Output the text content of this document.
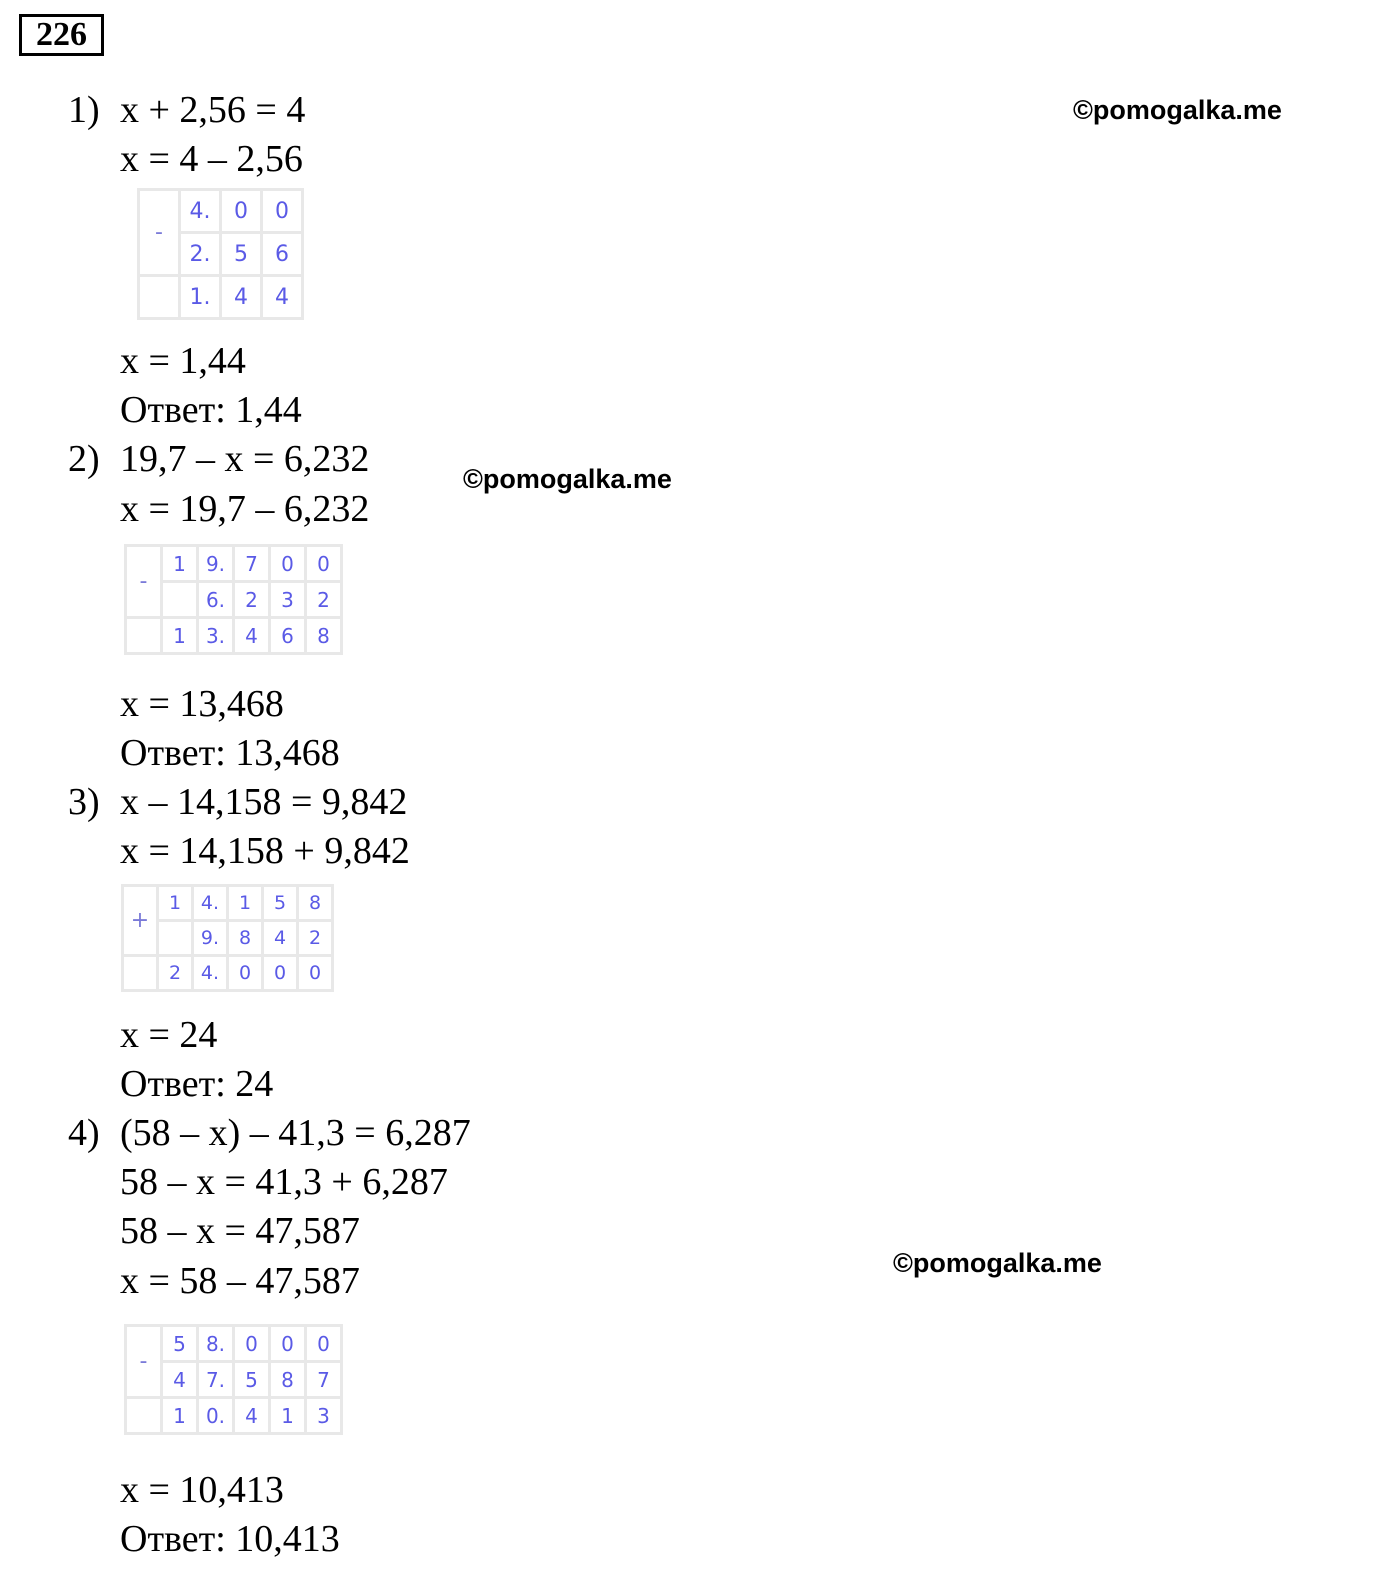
226
©pomogalka.me
©pomogalka.me
©pomogalka.me
1) x + 2,56 = 4
x = 4 – 2,56
-	4.	0	0
	2.	5	6
	1.	4	4
x = 1,44
Ответ: 1,44
2) 19,7 – x = 6,232
x = 19,7 – 6,232
-	1	9.	7	0	0
		6.	2	3	2
	1	3.	4	6	8
x = 13,468
Ответ: 13,468
3) x – 14,158 = 9,842
x = 14,158 + 9,842
+	1	4.	1	5	8
		9.	8	4	2
	2	4.	0	0	0
x = 24
Ответ: 24
4) (58 – x) – 41,3 = 6,287
58 – x = 41,3 + 6,287
58 – x = 47,587
x = 58 – 47,587
-	5	8.	0	0	0
	4	7.	5	8	7
	1	0.	4	1	3
x = 10,413
Ответ: 10,413
